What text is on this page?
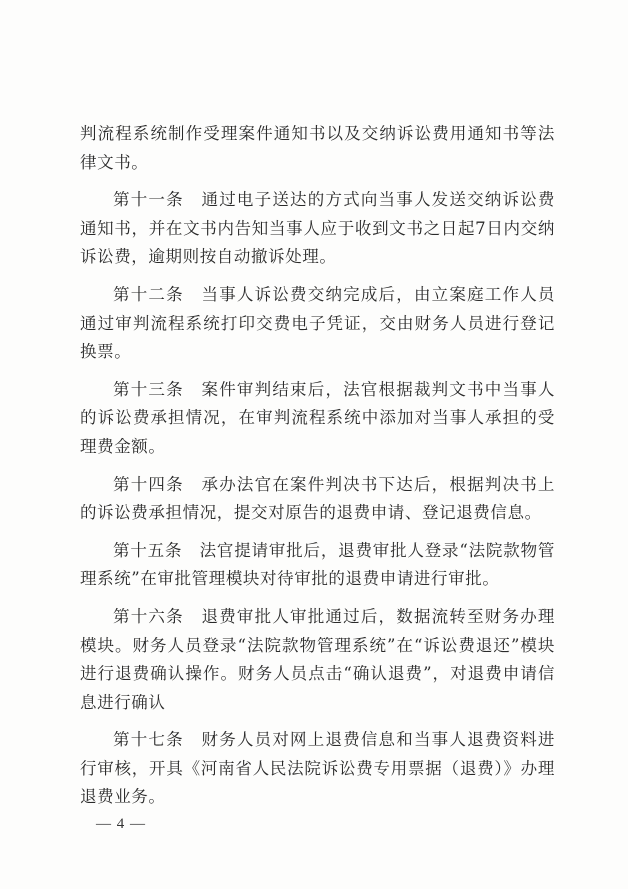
判流程系统制作受理案件通知书以及交纳诉讼费用通知书等法律文书。

第十一条　通过电子送达的方式向当事人发送交纳诉讼费通知书，并在文书内告知当事人应于收到文书之日起7日内交纳诉讼费，逾期则按自动撤诉处理。

第十二条　当事人诉讼费交纳完成后，由立案庭工作人员通过审判流程系统打印交费电子凭证，交由财务人员进行登记换票。

第十三条　案件审判结束后，法官根据裁判文书中当事人的诉讼费承担情况，在审判流程系统中添加对当事人承担的受理费金额。

第十四条　承办法官在案件判决书下达后，根据判决书上的诉讼费承担情况，提交对原告的退费申请、登记退费信息。

第十五条　法官提请审批后，退费审批人登录“法院款物管理系统”在审批管理模块对待审批的退费申请进行审批。

第十六条　退费审批人审批通过后，数据流转至财务办理模块。财务人员登录“法院款物管理系统”在“诉讼费退还”模块进行退费确认操作。财务人员点击“确认退费”，对退费申请信息进行确认

第十七条　财务人员对网上退费信息和当事人退费资料进行审核，开具《河南省人民法院诉讼费专用票据（退费）》办理退费业务。

— 4 —
